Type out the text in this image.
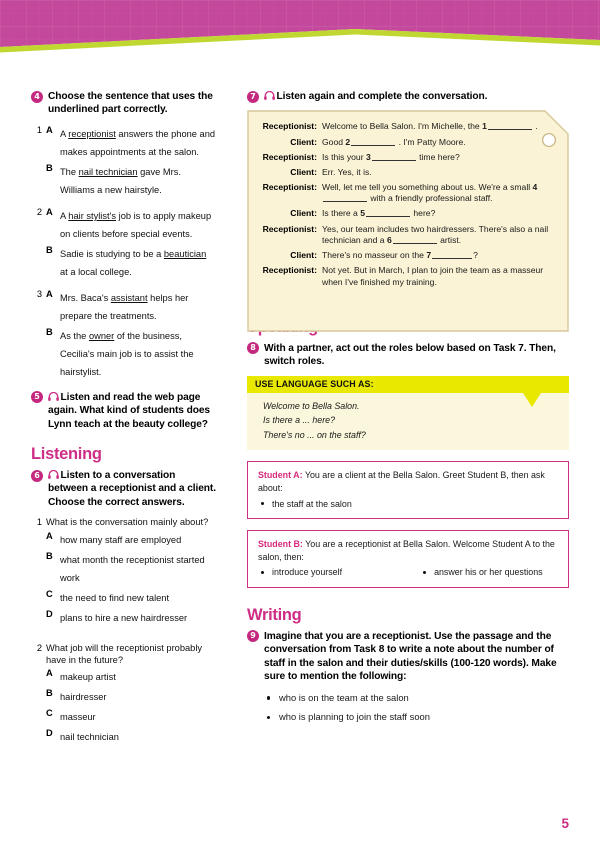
4 Choose the sentence that uses the underlined part correctly.
1 A A receptionist answers the phone and makes appointments at the salon.
B The nail technician gave Mrs. Williams a new hairstyle.
2 A A hair stylist's job is to apply makeup on clients before special events.
B Sadie is studying to be a beautician at a local college.
3 A Mrs. Baca's assistant helps her prepare the treatments.
B As the owner of the business, Cecilia's main job is to assist the hairstylist.
5	Listen and read the web page again. What kind of students does Lynn teach at the beauty college?
Listening
6	Listen to a conversation between a receptionist and a client. Choose the correct answers.
1 What is the conversation mainly about?
A how many staff are employed
B what month the receptionist started work
C the need to find new talent
D plans to hire a new hairdresser
2 What job will the receptionist probably have in the future?
A makeup artist
B hairdresser
C masseur
D nail technician
7	Listen again and complete the conversation.
Receptionist: Welcome to Bella Salon. I'm Michelle, the 1	.
Client: Good 2	. I'm Patty Moore.
Receptionist: Is this your 3	time here?
Client: Err. Yes, it is.
Receptionist: Well, let me tell you something about us. We're a small 4 with a friendly professional staff.
Client: Is there a 5	here?
Receptionist: Yes, our team includes two hairdressers. There's also a nail technician and a 6	artist.
Client: There's no masseur on the 7	?
Receptionist: Not yet. But in March, I plan to join the team as a masseur when I've finished my training.
8 With a partner, act out the roles below based on Task 7. Then, switch roles.
USE LANGUAGE SUCH AS:

Welcome to Bella Salon.

Is there a ... here?

There's no ... on the staff?

Student A: You are a client at the Bella Salon. Greet Student B, then ask about:

the staff at the salon

Student B: You are a receptionist at Bella Salon. Welcome Student A to the salon, then:

introduce yourself	answer his or her questions
Writing
9 Imagine that you are a receptionist. Use the passage and the conversation from Task 8 to write a note about the number of staff in the salon and their duties/skills (100-120 words). Make sure to mention the following:
who is on the team at the salon
who is planning to join the staff soon
5
